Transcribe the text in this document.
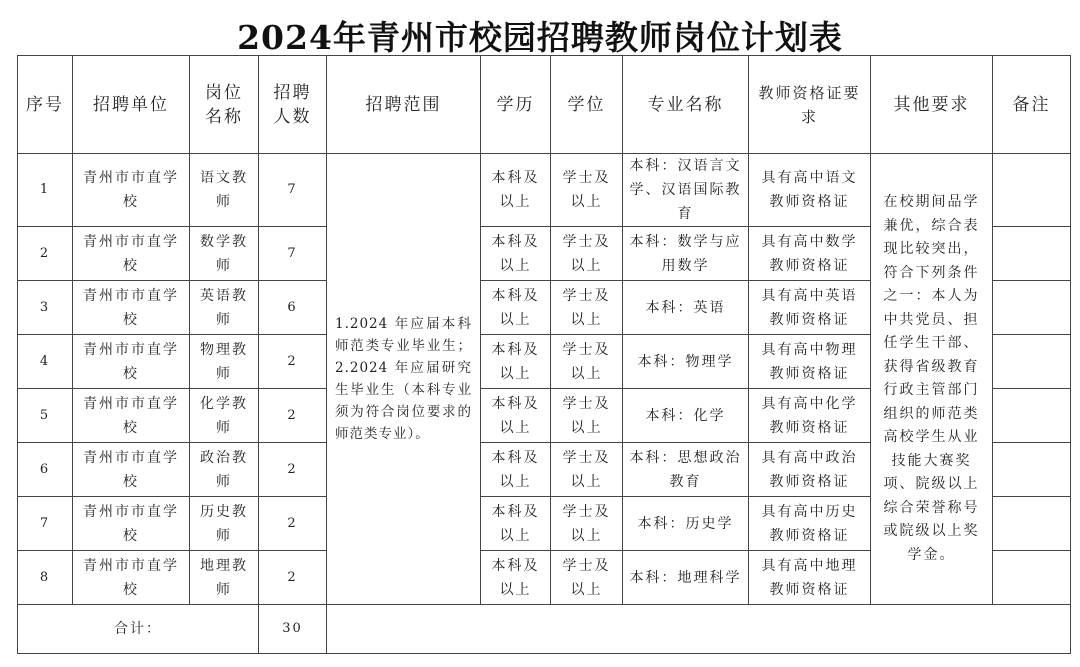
2024年青州市校园招聘教师岗位计划表
序号	招聘单位	岗位名称	招聘人数	招聘范围	学历	学位	专业名称	教师资格证要求	其他要求	备注
1	青州市市直学校	语文教师	7	1.2024 年应届本科师范类专业毕业生；2.2024 年应届研究生毕业生（本科专业须为符合岗位要求的师范类专业）。	本科及以上	学士及以上	本科：汉语言文学、汉语国际教育	具有高中语文教师资格证	在校期间品学兼优，综合表现比较突出，符合下列条件之一：本人为中共党员、担任学生干部、获得省级教育行政主管部门组织的师范类高校学生从业技能大赛奖项、院级以上综合荣誉称号或院级以上奖学金。	
2	青州市市直学校	数学教师	7		本科及以上	学士及以上	本科：数学与应用数学	具有高中数学教师资格证		
3	青州市市直学校	英语教师	6		本科及以上	学士及以上	本科：英语	具有高中英语教师资格证		
4	青州市市直学校	物理教师	2		本科及以上	学士及以上	本科：物理学	具有高中物理教师资格证		
5	青州市市直学校	化学教师	2		本科及以上	学士及以上	本科：化学	具有高中化学教师资格证		
6	青州市市直学校	政治教师	2		本科及以上	学士及以上	本科：思想政治教育	具有高中政治教师资格证		
7	青州市市直学校	历史教师	2		本科及以上	学士及以上	本科：历史学	具有高中历史教师资格证		
8	青州市市直学校	地理教师	2		本科及以上	学士及以上	本科：地理科学	具有高中地理教师资格证		
合计：			30							
